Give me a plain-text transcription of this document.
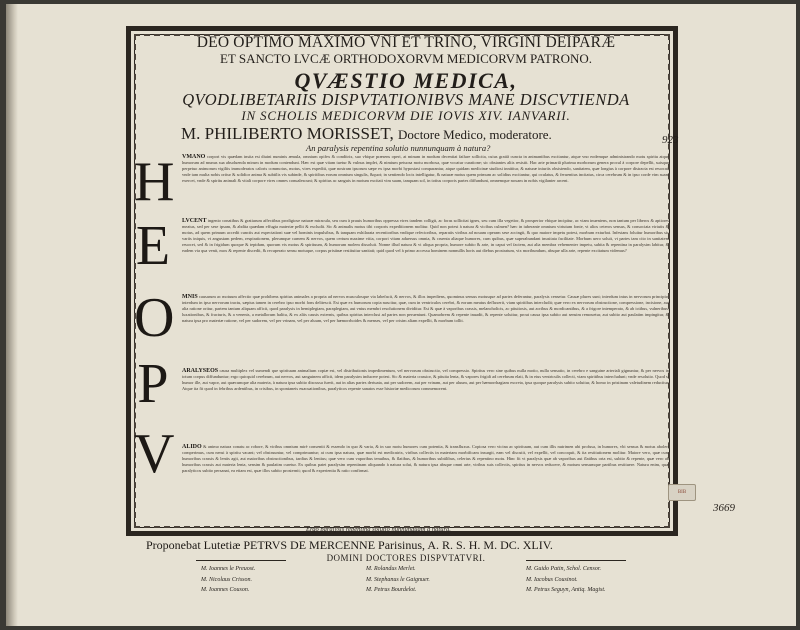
DEO OPTIMO MAXIMO VNI ET TRINO, VIRGINI DEIPARÆ
ET SANCTO LVCÆ ORTHODOXORVM MEDICORVM PATRONO.
QVÆSTIO MEDICA,
QVODLIBETARIIS DISPVTATIONIBVS MANE DISCVTIENDA
IN SCHOLIS MEDICORVM DIE IOVIS XIV. IANVARII.
M. PHILIBERTO MORISSET, Doctore Medico, moderatore.	923
An paralysis repentina solutio nunnunquam à natura?
H VMANO corpori vis quædam insita est diuini numinis æmula, omnium opifex & conditrix, suo vbique præsens operi, at minum in modum decentiat failure sollicita, cuius gratiâ cuncta in animantibus excitantur, atque vno eodemque administrando motu spiritu atque humorum ad munus sua absoluenda mirum in modum contendunt. Hæc est quæ vitam tuetur & vulnus implet, & nimium petuosa motu morbosa, quæ vocatur curatione; sic obstantes aliis resistit. Hac arte primariâ plurima morborum genera procul à corpore depellit, suisque perpetuo animorum vigiliis immoderatos caloris commotus, motus, vires expediti, quæ nostram ipsorum sæpe ex ipsa morbi hypostasi comparantur, atque quidam medicinæ studiosi innititur, & naturæ iniuriis obsistendo, sanitatem, quæ longius à corpore distracta est reuocat, vnde tam multa nobis oritur & solidior anima & subtilis vis subinde, & spiritibus eorum omnium singulis, &quot; in sentiendo locis intelligatur, & naturæ motus quem primum ac solidius excitantur, qui oculatus, & feruentius incitatus, circa cerebrum & in ipso corde vim suam exercet, vnde & spiritu animali & vitali corpore vires omnes conualescunt; & spiritus ac sanguis in motum excitati vim suam, tanquam sol, in totius corporis partes diffundunt, omnemque noxam in nobis vigilanter arcent.
E	LVCENT ingenio conatibus & gratiarum affectibus prodigiose naturæ miracula, seu cum à prauis humoribus oppressa vires tandem colligit, ac foras sollicitat ignes, seu cum illa vegetior, & prosperior vbique incipitur, ac viam inueniens, non tantum per liberos & aptiores meatus, sed per sese ipsam, & abdita quædam effugia materiæ pellit & excludit. Sic & animalis motus tibi corporis expeditionem molitur. Quid non potest à natura & vicibus culmen? hæc in iuberante omnium virtutum fonte, vt alios ceteros sensus, & consociata virtutis & motus, ad quem primum accedit cunctis aut expectationi suæ vel hominis impulsibus, & tanquam exhilarata recentioribus vndique refectoribus, reparatis viribus ad nouam operam sese accingit, & quo maiore impetu potest, morbum exturbat. Infestans foluitur humoribus sic variis iniquis, vt angustam pedem, respirationem, plerumque carnem & nervos, quem certum maxime vitia, corpori vitam aduersus omnia, & cruenta aliaque humores, cum quibus, quæ superabundant inusitata facilitate. Morbum uero soluit, vt partes tam cito in sanitatem reuocet, sed & in frigidum quoque & tepidum, quorum vis motus & spirituum, & humorum molem dissoluit. Nonne illud natura & vi aliqua propria, humore subito & arte, in caput vel faciem, aut alia membra vehementer impetu, subita & repentina in paralysim labitur, & eadem via qua venit, mox & repente discedit, & recuperato sensu motuque, corpus pristinæ restituitur sanitati; quid quod vel à primo accessu hominem nonnullis horis aut diebus prostratum, vix moribundum, absque ulla arte, repente excitatum videmus?
O MNIS causarum ac motuum affectio quæ prohibens spiritus animales a propria ad nervos musculosque via labefacit, & nervos, & illos impediens, quominus sensus motusque ad partes deferantur, paralysis censetur. Causæ plures sunt; interdum intus in nervorum principio, interdum in ipso nervorum tractu, sæpius tamen in cerebro ipso morbi fons delitescit. Est quæ ex humorum copia nascitur, quæ, cum in ventriculos cerebri, & eorum meatus defluxerit, viam spiritibus intercludit; quæ vero ex nervorum obstructione, compressione, incisione, aut alia ratione oritur, partem tantum aliquam afficit, quod paralysis in hemiplegiam, paraplegiam, aut vnius membri resolutionem dividitur. Est & quæ à vaporibus crassis, melancholicis, ac pituitosis, aut acribus & mordicantibus, & a frigore intemperato, & ab ictibus, vulneribus, luxationibus, & fracturis, & a venenis, a metallorum halitu, & ex aliis causis externis, quibus spiritus interclusi ad partes non perueniunt. Quamobrem & repente inuadit, & repente soluitur, prout causa ipsa subito aut sensim remouetur, aut subito aut paulatim impingitur, & natura ipsa pro materiæ ratione, vel per sudorem, vel per vrinam, vel per aluum, vel per hæmorrhoides & menses, vel per crisim aliam expellit, & morbum tollit.
P	ARALYSEOS causa multiplex vel sumendi que spirituum animalium copiæ est, vel distributionis impedimentum, vel nervorum obstructio, vel compressio. Spiritus vero sine quibus nulla motio, nulla sensatio, in cerebro e sanguine arteriali gignuntur, & per nervos in totum corpus diffunduntur; ergo quicquid cerebrum, aut nervos, aut sanguinem afficit, idem paralysim inducere potest. Sic & materia crassior, & pituita lenta, & vapores frigidi ad cerebrum elati, & in eius ventriculis collecti, viam spiritibus intercludunt; vnde resolutio. Quod si humor ille, aut vapor, aut quæcumque alia materia, à natura ipsa subito discussa fuerit, aut in alias partes deriuata, aut per sudorem, aut per vrinam, aut per aluum, aut per hæmorrhagiam excreta, ipsa quoque paralysis subito soluitur, & homo in pristinam valetudinem reducitur. Atque ita fit quod in febribus ardentibus, in crisibus, in spontaneis euacuationibus, paralyticos repente sanatos esse historiæ medicorum commemorent.
V ALIDO & animo natura conatu ac robore, & viribus omnium mirè consentit & essendo in quo & varia, & in suo motu humores cum potentia, & transfluxus. Copiosa vero vicina ac spirituum, aut cum illis nutrimen ubi profusa, in humores, vbi sensus & motus aboleri comperimus, cum nerui à spiritu vacant; vel obstruuntur, vel comprimuntur; at cum ipsa natura, quæ morbi est medicatrix, viribus collectis in materiam morbificam insurgit, eam vel discutit, vel expellit, vel concoquit, & ita restitutionem molitur. Maiore vero, quæ cum humoribus crassis & lentis agit, aut maioribus obstructionibus, tardius & lentius; quæ vero cum vaporibus tenuibus, & flatibus, & humoribus subtilibus, celerius & repentino motu. Hinc fit vt paralysis quæ ab vaporibus aut flatibus orta est, subito & repente, quæ vero ab humoribus crassis aut materia lenta, sensim & paulatim curetur. Ex quibus patet paralysim repentinam aliquando à natura solui, & natura ipsa absque omni arte, viribus suis collectis, spiritus in nervos reducere, & motum sensumque partibus restituere. Natura enim, quæ paralyticos subito persanat, ea etiam est, quæ illos subito prosternit; quod & experientia & ratio confirmat.
Ergo paralysis repentina solutio nunnunquam à natura.
Proponebat Lutetiæ PETRVS DE MERCENNE Parisinus, A. R. S. H. M. DC. XLIV.
DOMINI DOCTORES DISPVTATVRI.
M. Ioannes le Preuost.
M. Nicolaus Crisson.
M. Ioannes Couson.
M. Rolandus Merlet.
M. Stephanus le Gaignuer.
M. Petrus Bourdelot.
M. Guido Patin, Schol. Censor.
M. Iacobus Cousinot.
M. Petrus Seguyn, Antiq. Magist.
BIB
3669
